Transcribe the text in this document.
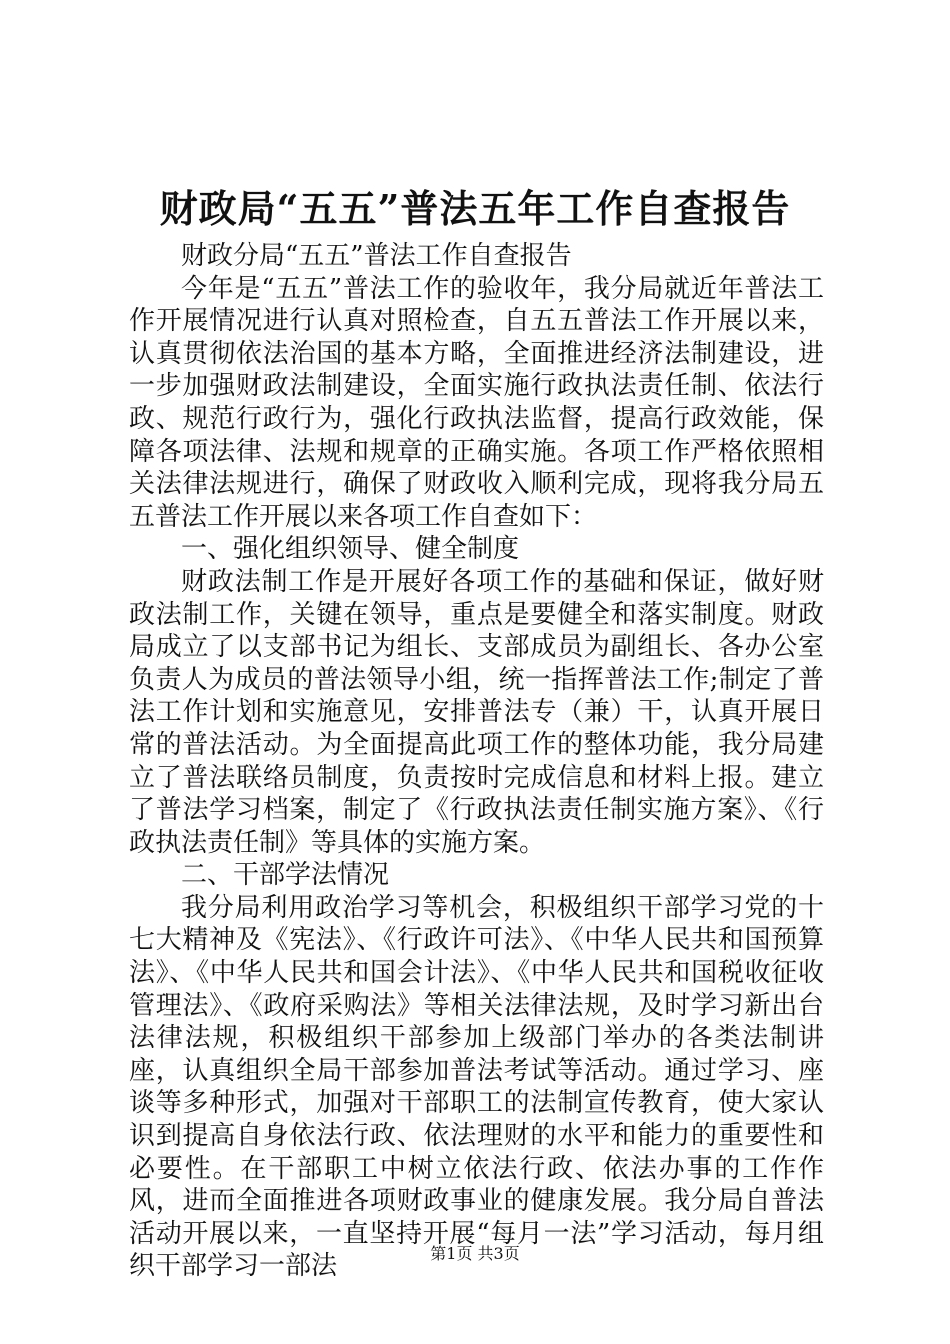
财政局“五五”普法五年工作自查报告

财政分局“五五”普法工作自查报告

今年是“五五”普法工作的验收年，我分局就近年普法工作开展情况进行认真对照检查，自五五普法工作开展以来，认真贯彻依法治国的基本方略，全面推进经济法制建设，进一步加强财政法制建设，全面实施行政执法责任制、依法行政、规范行政行为，强化行政执法监督，提高行政效能，保障各项法律、法规和规章的正确实施。各项工作严格依照相关法律法规进行，确保了财政收入顺利完成，现将我分局五五普法工作开展以来各项工作自查如下：

一、强化组织领导、健全制度

财政法制工作是开展好各项工作的基础和保证，做好财政法制工作，关键在领导，重点是要健全和落实制度。财政局成立了以支部书记为组长、支部成员为副组长、各办公室负责人为成员的普法领导小组，统一指挥普法工作;制定了普法工作计划和实施意见，安排普法专（兼）干，认真开展日常的普法活动。为全面提高此项工作的整体功能，我分局建立了普法联络员制度，负责按时完成信息和材料上报。建立了普法学习档案，制定了《行政执法责任制实施方案》、《行政执法责任制》等具体的实施方案。

二、干部学法情况

我分局利用政治学习等机会，积极组织干部学习党的十七大精神及《宪法》、《行政许可法》、《中华人民共和国预算法》、《中华人民共和国会计法》、《中华人民共和国税收征收管理法》、《政府采购法》等相关法律法规，及时学习新出台法律法规，积极组织干部参加上级部门举办的各类法制讲座，认真组织全局干部参加普法考试等活动。通过学习、座谈等多种形式，加强对干部职工的法制宣传教育，使大家认识到提高自身依法行政、依法理财的水平和能力的重要性和必要性。在干部职工中树立依法行政、依法办事的工作作风，进而全面推进各项财政事业的健康发展。我分局自普法活动开展以来，一直坚持开展“每月一法”学习活动，每月组织干部学习一部法	第1页 共3页
